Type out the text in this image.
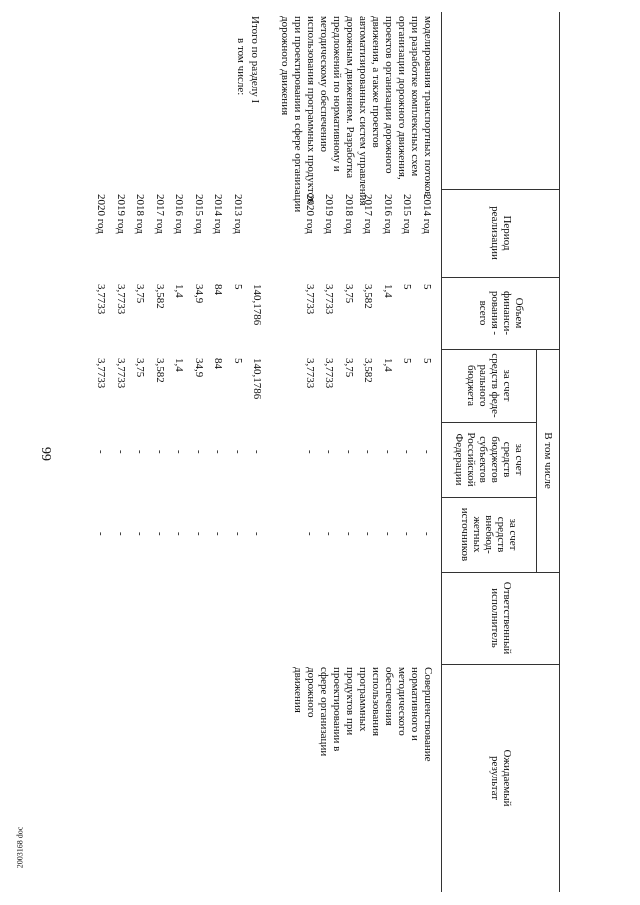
66
2003168 doc
Период
реализации
Объем
финанси-
рования -
всего
В том числе
за счет
средств феде-
рального
бюджета
за счет
средств
бюджетов
субъектов
Российской
Федерации
за счет
средств
внебюд-
жетных
источников
Ответственный
исполнитель
Ожидаемый
результат
моделирования транспортных потоков
при разработке комплексных схем
организации дорожного движения,
проектов организации дорожного
движения, а также проектов
автоматизированных систем управления
дорожным движением. Разработка
предложений по нормативному и
методическому обеспечению
использования программных продуктов
при проектировании в сфере организации
дорожного движения
Совершенствование
нормативного и
методического
обеспечения
использования
программных
продуктов при
проектировании в
сфере организации
дорожного
движения
2014 год
2015 год
2016 год
2017 год
2018 год
2019 год
2020 год
5
5
1,4
3,582
3,75
3,7733
3,7733
5
5
1,4
3,582
3,75
3,7733
3,7733
-
-
-
-
-
-
-
-
-
-
-
-
-
-
Итого по разделу I
в том числе:
140,1786
140,1786
-
-
2013 год
2014 год
2015 год
2016 год
2017 год
2018 год
2019 год
2020 год
5
84
34,9
1,4
3,582
3,75
3,7733
3,7733
5
84
34,9
1,4
3,582
3,75
3,7733
3,7733
-
-
-
-
-
-
-
-
-
-
-
-
-
-
-
-
